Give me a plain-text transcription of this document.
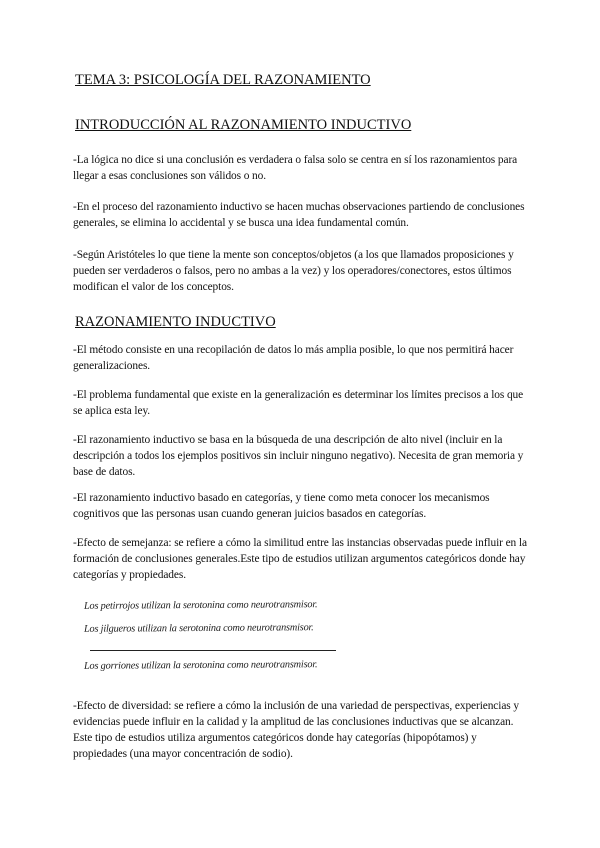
TEMA 3: PSICOLOGÍA DEL RAZONAMIENTO
INTRODUCCIÓN AL RAZONAMIENTO INDUCTIVO

-La lógica no dice si una conclusión es verdadera o falsa solo se centra en sí los razonamientos para llegar a esas conclusiones son válidos o no.

-En el proceso del razonamiento inductivo se hacen muchas observaciones partiendo de conclusiones generales, se elimina lo accidental y se busca una idea fundamental común.

-Según Aristóteles lo que tiene la mente son conceptos/objetos (a los que llamados proposiciones y pueden ser verdaderos o falsos, pero no ambas a la vez) y los operadores/conectores, estos últimos modifican el valor de los conceptos.

RAZONAMIENTO INDUCTIVO

-El método consiste en una recopilación de datos lo más amplia posible, lo que nos permitirá hacer generalizaciones.

-El problema fundamental que existe en la generalización es determinar los límites precisos a los que se aplica esta ley.

-El razonamiento inductivo se basa en la búsqueda de una descripción de alto nivel (incluir en la descripción a todos los ejemplos positivos sin incluir ninguno negativo). Necesita de gran memoria y base de datos.

-El razonamiento inductivo basado en categorías, y tiene como meta conocer los mecanismos cognitivos que las personas usan cuando generan juicios basados en categorías.

-Efecto de semejanza: se refiere a cómo la similitud entre las instancias observadas puede influir en la formación de conclusiones generales.Este tipo de estudios utilizan argumentos categóricos donde hay categorías y propiedades.

Los petirrojos utilizan la serotonina como neurotransmisor.

Los jilgueros utilizan la serotonina como neurotransmisor.

Los gorriones utilizan la serotonina como neurotransmisor.

-Efecto de diversidad: se refiere a cómo la inclusión de una variedad de perspectivas, experiencias y evidencias puede influir en la calidad y la amplitud de las conclusiones inductivas que se alcanzan. Este tipo de estudios utiliza argumentos categóricos donde hay categorías (hipopótamos) y propiedades (una mayor concentración de sodio).
